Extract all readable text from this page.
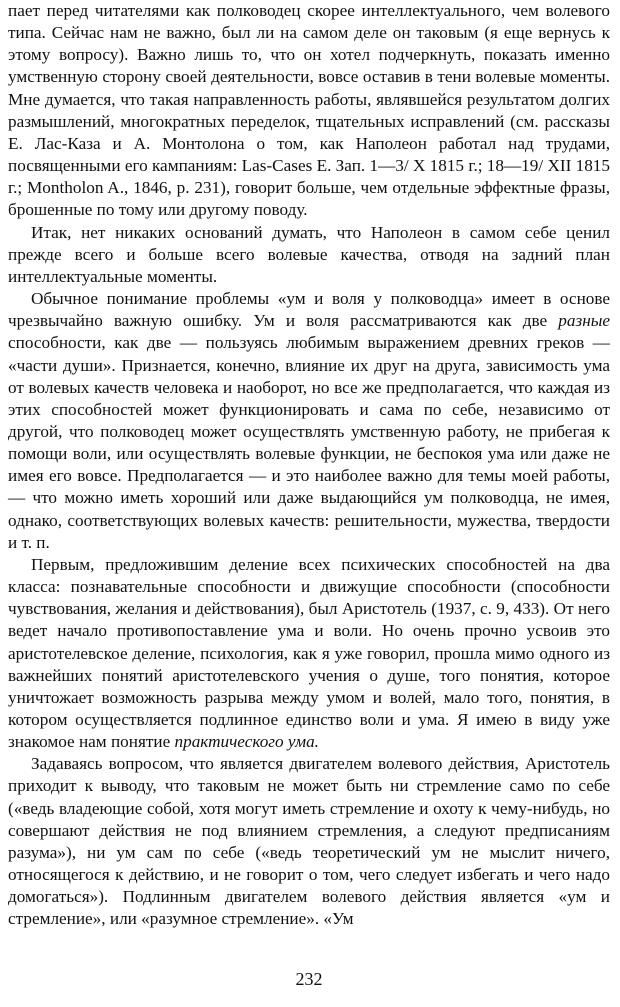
пает перед читателями как полководец скорее интеллектуального, чем волевого типа. Сейчас нам не важно, был ли на самом деле он таковым (я еще вернусь к этому вопросу). Важно лишь то, что он хотел подчеркнуть, показать именно умственную сторону своей деятельности, вовсе оставив в тени волевые моменты. Мне думается, что такая направленность работы, являвшейся результатом долгих размышлений, многократных переделок, тщательных исправлений (см. рассказы Е. Лас-Каза и А. Монтолона о том, как Наполеон работал над трудами, посвященными его кампаниям: Las-Cases E. Зап. 1—3/ X 1815 г.; 18—19/ XII 1815 г.; Montholon A., 1846, p. 231), говорит больше, чем отдельные эффектные фразы, брошенные по тому или другому поводу.

Итак, нет никаких оснований думать, что Наполеон в самом себе ценил прежде всего и больше всего волевые качества, отводя на задний план интеллектуальные моменты.

Обычное понимание проблемы «ум и воля у полководца» имеет в основе чрезвычайно важную ошибку. Ум и воля рассматриваются как две разные способности, как две — пользуясь любимым выражением древних греков — «части души». Признается, конечно, влияние их друг на друга, зависимость ума от волевых качеств человека и наоборот, но все же предполагается, что каждая из этих способностей может функционировать и сама по себе, независимо от другой, что полководец может осуществлять умственную работу, не прибегая к помощи воли, или осуществлять волевые функции, не беспокоя ума или даже не имея его вовсе. Предполагается — и это наиболее важно для темы моей работы,— что можно иметь хороший или даже выдающийся ум полководца, не имея, однако, соответствующих волевых качеств: решительности, мужества, твердости и т. п.

Первым, предложившим деление всех психических способностей на два класса: познавательные способности и движущие способности (способности чувствования, желания и действования), был Аристотель (1937, с. 9, 433). От него ведет начало противопоставление ума и воли. Но очень прочно усвоив это аристотелевское деление, психология, как я уже говорил, прошла мимо одного из важнейших понятий аристотелевского учения о душе, того понятия, которое уничтожает возможность разрыва между умом и волей, мало того, понятия, в котором осуществляется подлинное единство воли и ума. Я имею в виду уже знакомое нам понятие практического ума.

Задаваясь вопросом, что является двигателем волевого действия, Аристотель приходит к выводу, что таковым не может быть ни стремление само по себе («ведь владеющие собой, хотя могут иметь стремление и охоту к чему-нибудь, но совершают действия не под влиянием стремления, а следуют предписаниям разума»), ни ум сам по себе («ведь теоретический ум не мыслит ничего, относящегося к действию, и не говорит о том, чего следует избегать и чего надо домогаться»). Подлинным двигателем волевого действия является «ум и стремление», или «разумное стремление». «Ум

232
